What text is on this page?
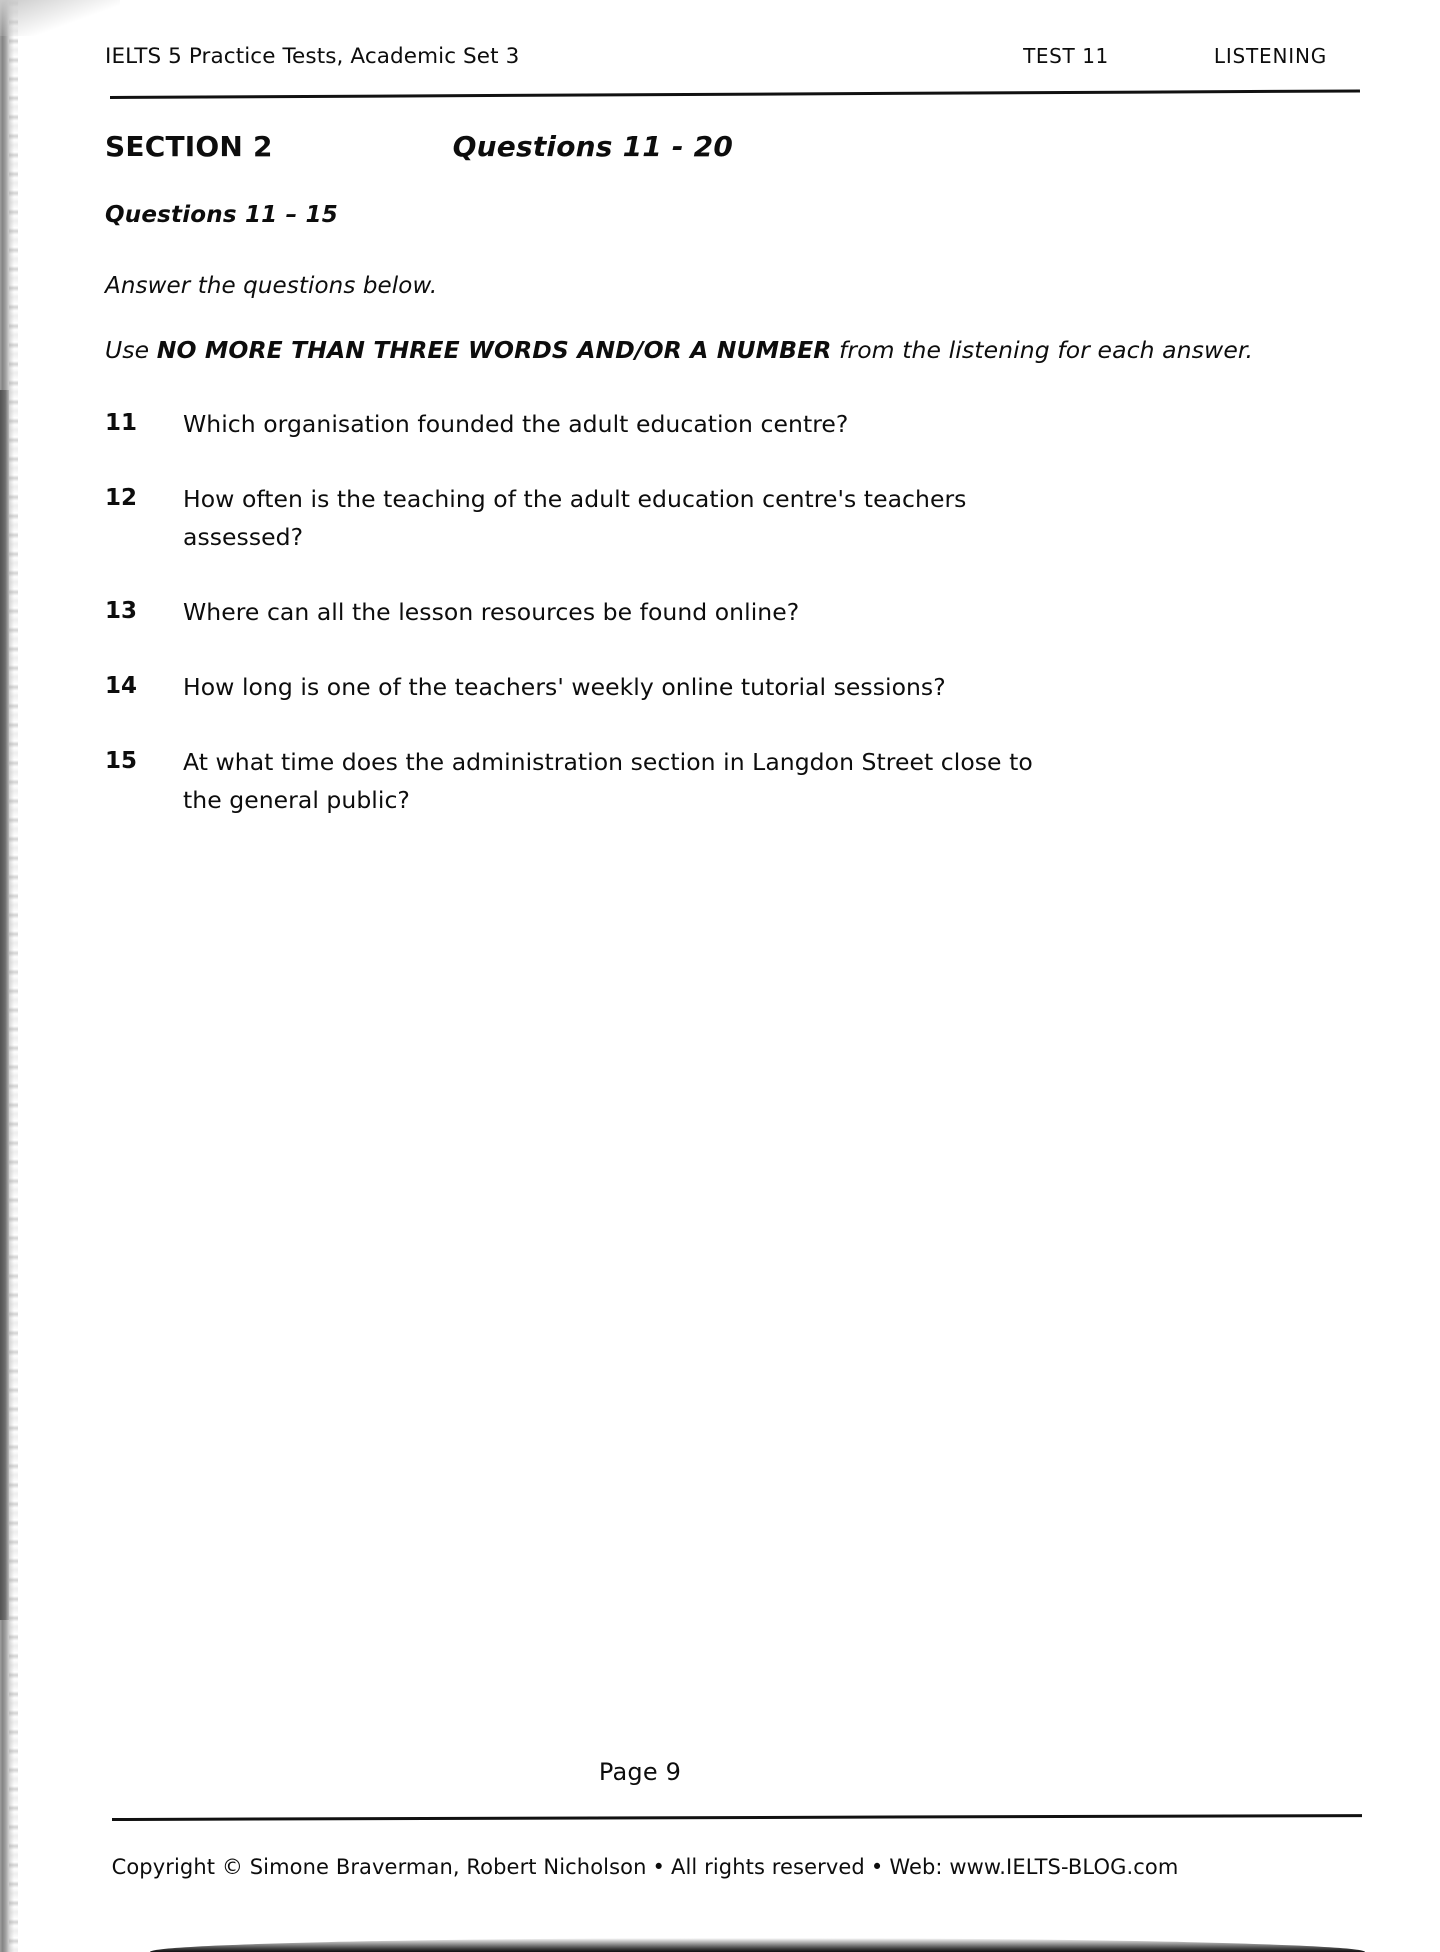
IELTS 5 Practice Tests, Academic Set 3	TEST 11	LISTENING
SECTION 2	Questions 11 - 20
Questions 11 – 15
Answer the questions below.
Use NO MORE THAN THREE WORDS AND/OR A NUMBER from the listening for each answer.
11	Which organisation founded the adult education centre?
12	How often is the teaching of the adult education centre's teachers assessed?
13	Where can all the lesson resources be found online?
14	How long is one of the teachers' weekly online tutorial sessions?
15	At what time does the administration section in Langdon Street close to the general public?
Page 9
Copyright © Simone Braverman, Robert Nicholson • All rights reserved • Web: www.IELTS-BLOG.com
